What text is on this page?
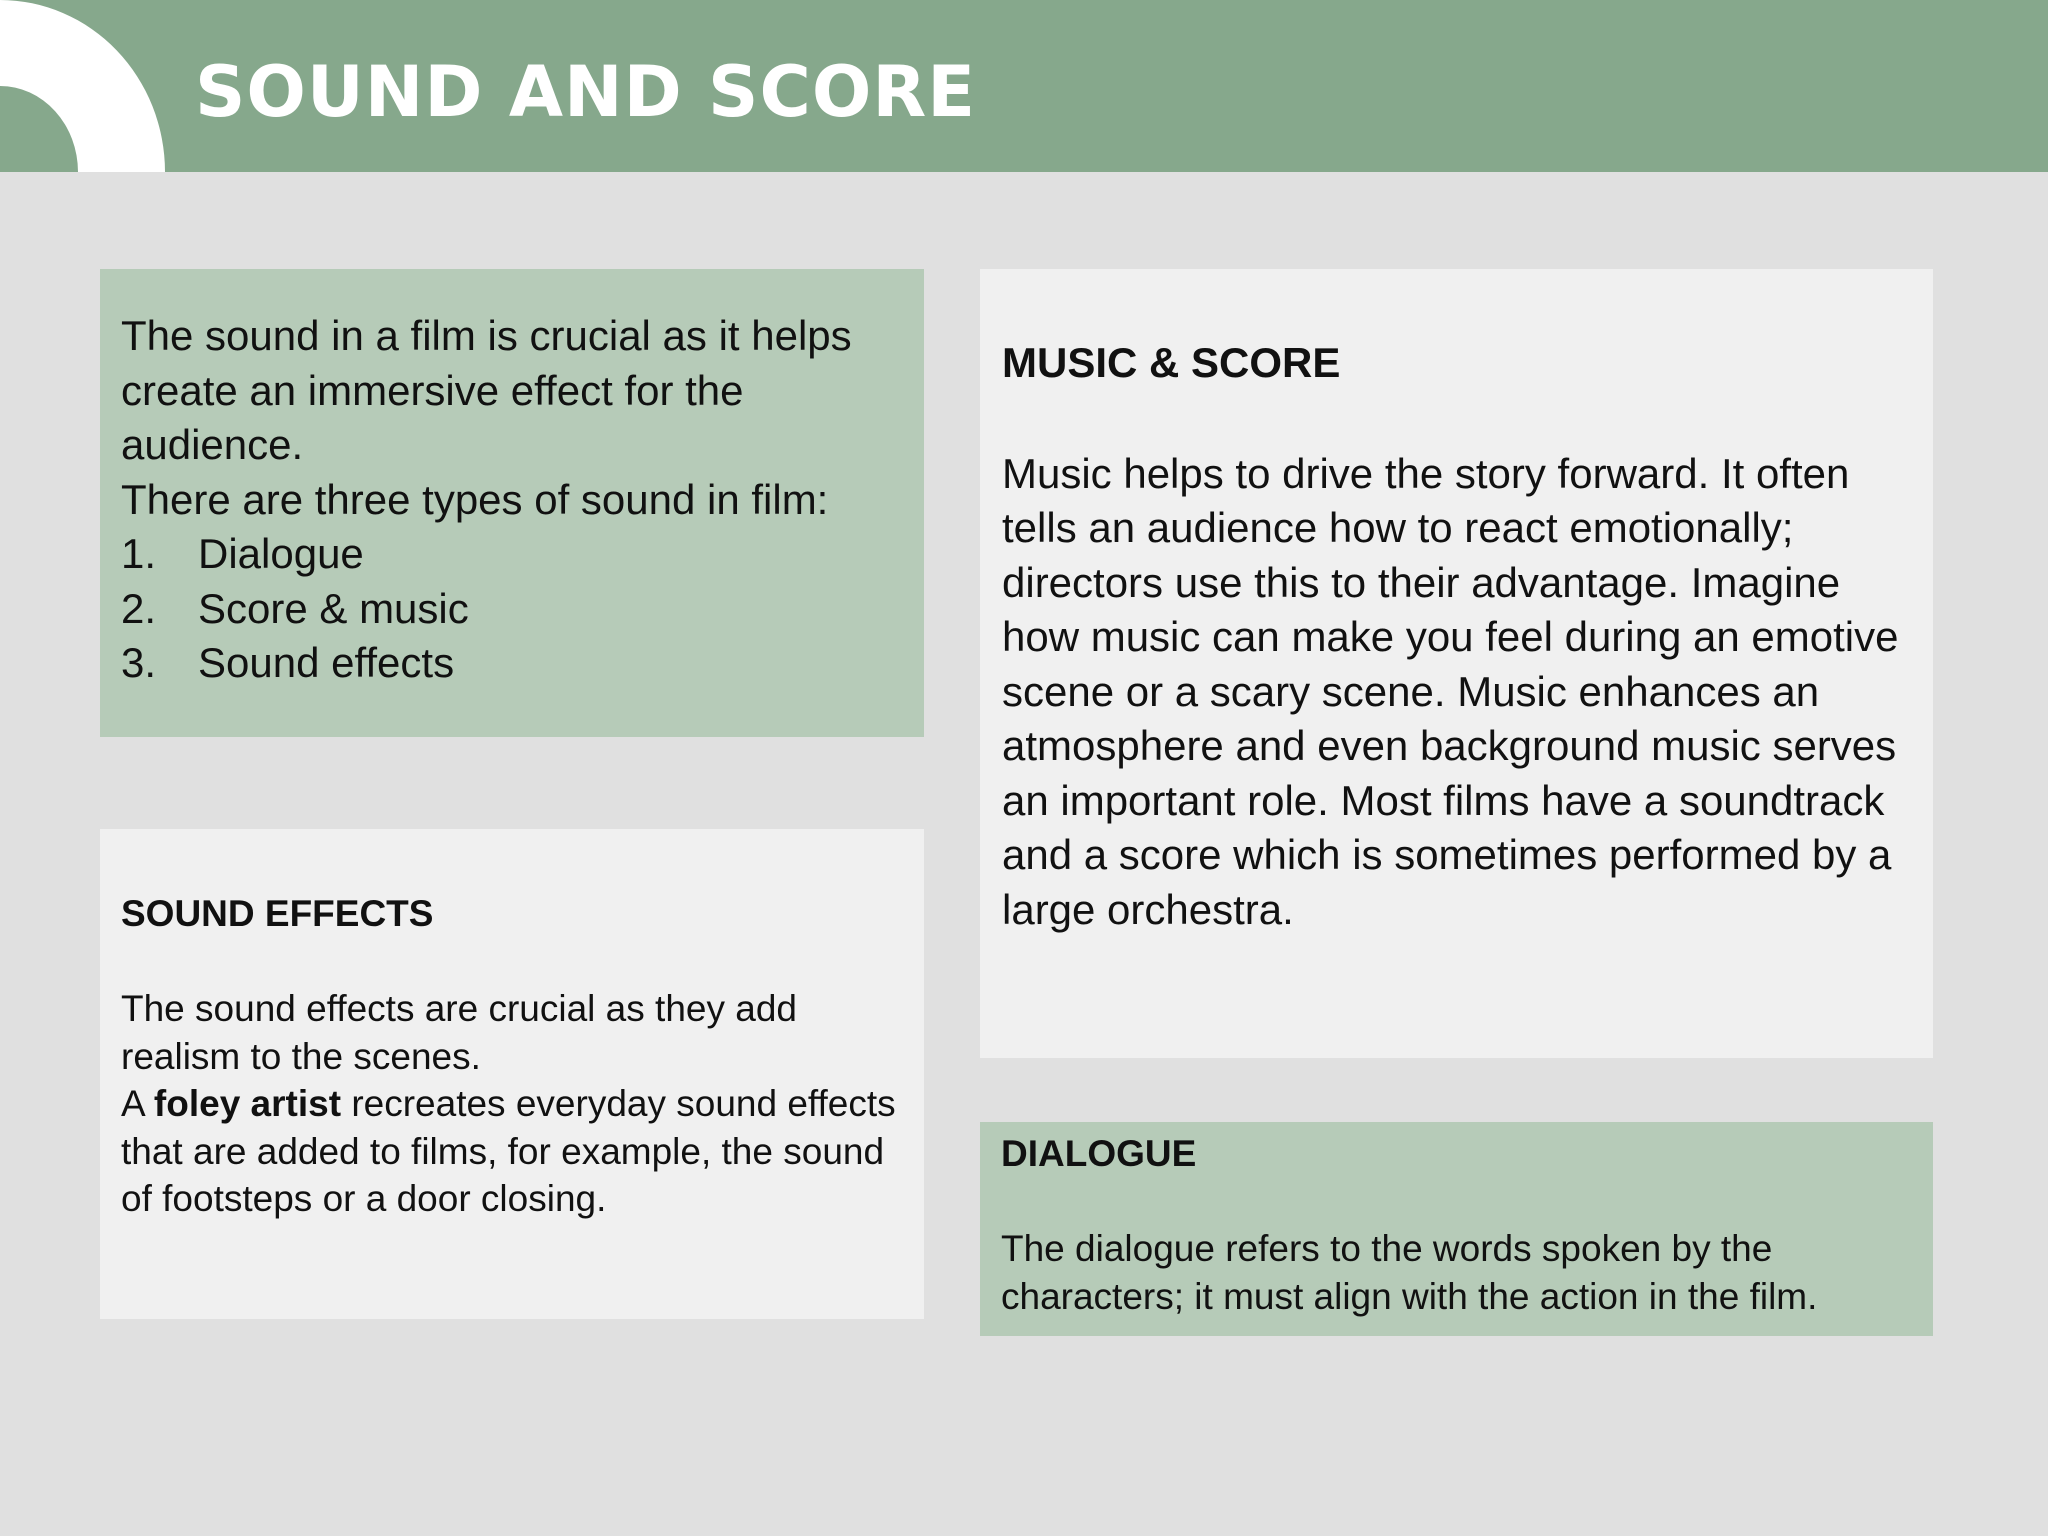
SOUND AND SCORE

The sound in a film is crucial as it helps create an immersive effect for the audience.

There are three types of sound in film:

1. Dialogue
2. Score & music
3. Sound effects
SOUND EFFECTS

The sound effects are crucial as they add realism to the scenes.

A foley artist recreates everyday sound effects that are added to films, for example, the sound of footsteps or a door closing.

MUSIC & SCORE

Music helps to drive the story forward. It often tells an audience how to react emotionally; directors use this to their advantage. Imagine how music can make you feel during an emotive scene or a scary scene. Music enhances an atmosphere and even background music serves an important role. Most films have a soundtrack and a score which is sometimes performed by a large orchestra.

DIALOGUE

The dialogue refers to the words spoken by the characters; it must align with the action in the film.
